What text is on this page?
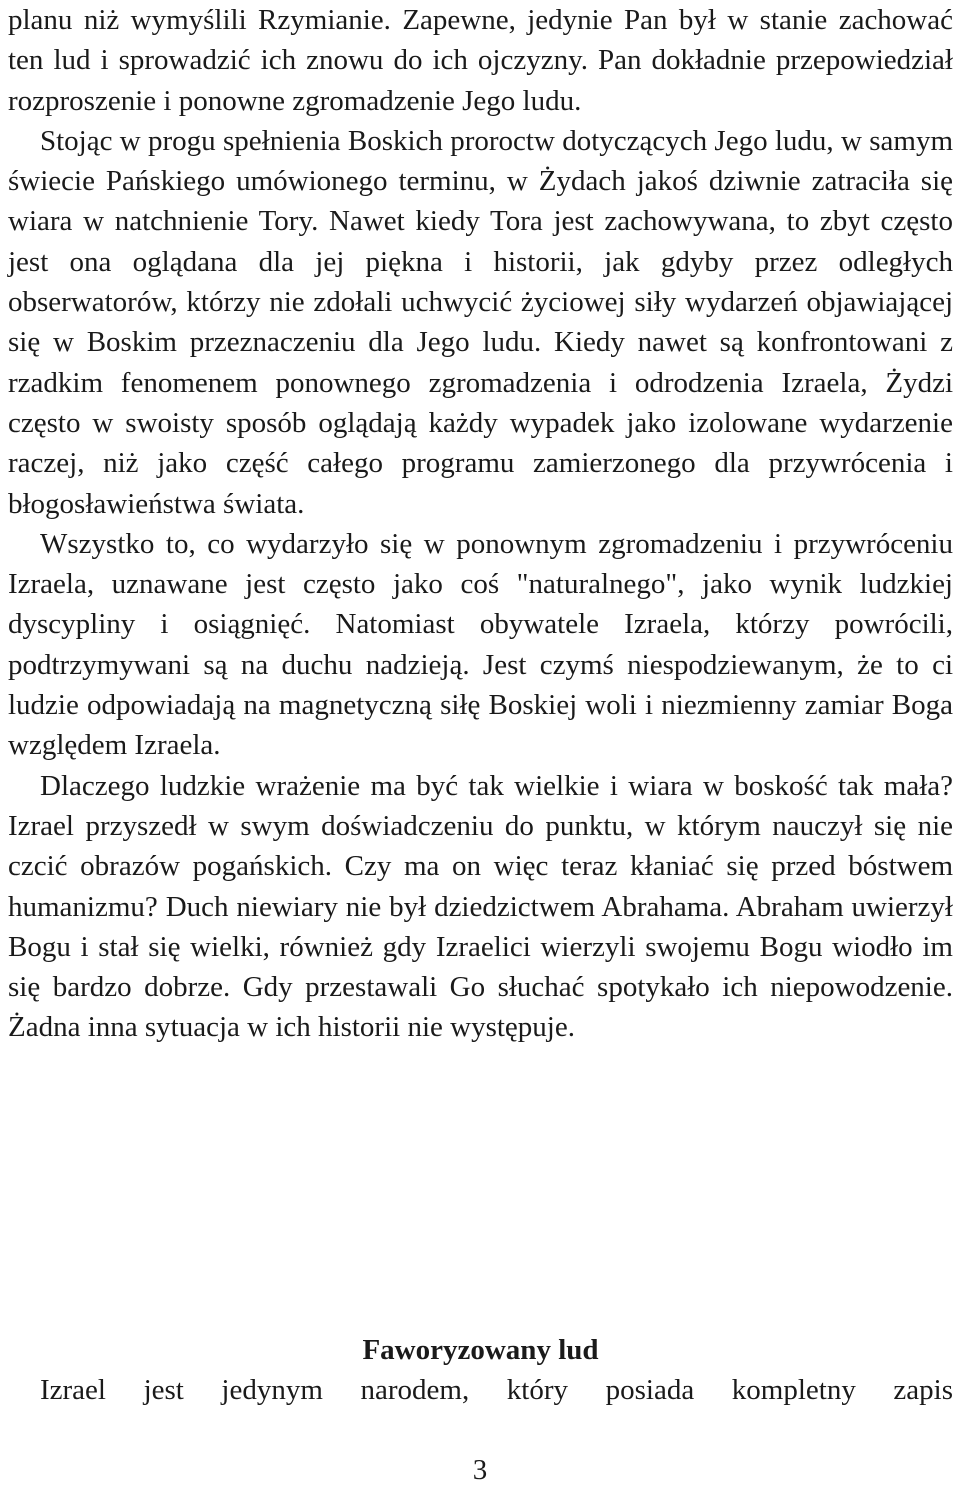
planu niż wymyślili Rzymianie. Zapewne, jedynie Pan był w stanie zachować ten lud i sprowadzić ich znowu do ich ojczyzny. Pan dokładnie przepowiedział rozproszenie i ponowne zgromadzenie Jego ludu.

Stojąc w progu spełnienia Boskich proroctw dotyczących Jego ludu, w samym świecie Pańskiego umówionego terminu, w Żydach jakoś dziwnie zatraciła się wiara w natchnienie Tory. Nawet kiedy Tora jest zachowywana, to zbyt często jest ona oglądana dla jej piękna i historii, jak gdyby przez odległych obserwatorów, którzy nie zdołali uchwycić życiowej siły wydarzeń objawiającej się w Boskim przeznaczeniu dla Jego ludu. Kiedy nawet są konfrontowani z rzadkim fenomenem ponownego zgromadzenia i odrodzenia Izraela, Żydzi często w swoisty sposób oglądają każdy wypadek jako izolowane wydarzenie raczej, niż jako część całego programu zamierzonego dla przywrócenia i błogosławieństwa świata.

Wszystko to, co wydarzyło się w ponownym zgromadzeniu i przywróceniu Izraela, uznawane jest często jako coś "naturalnego", jako wynik ludzkiej dyscypliny i osiągnięć. Natomiast obywatele Izraela, którzy powrócili, podtrzymywani są na duchu nadzieją. Jest czymś niespodziewanym, że to ci ludzie odpowiadają na magnetyczną siłę Boskiej woli i niezmienny zamiar Boga względem Izraela.

Dlaczego ludzkie wrażenie ma być tak wielkie i wiara w boskość tak mała? Izrael przyszedł w swym doświadczeniu do punktu, w którym nauczył się nie czcić obrazów pogańskich. Czy ma on więc teraz kłaniać się przed bóstwem humanizmu? Duch niewiary nie był dziedzictwem Abrahama. Abraham uwierzył Bogu i stał się wielki, również gdy Izraelici wierzyli swojemu Bogu wiodło im się bardzo dobrze. Gdy przestawali Go słuchać spotykało ich niepowodzenie. Żadna inna sytuacja w ich historii nie występuje.

Faworyzowany lud

Izrael jest jedynym narodem, który posiada kompletny zapis

3
